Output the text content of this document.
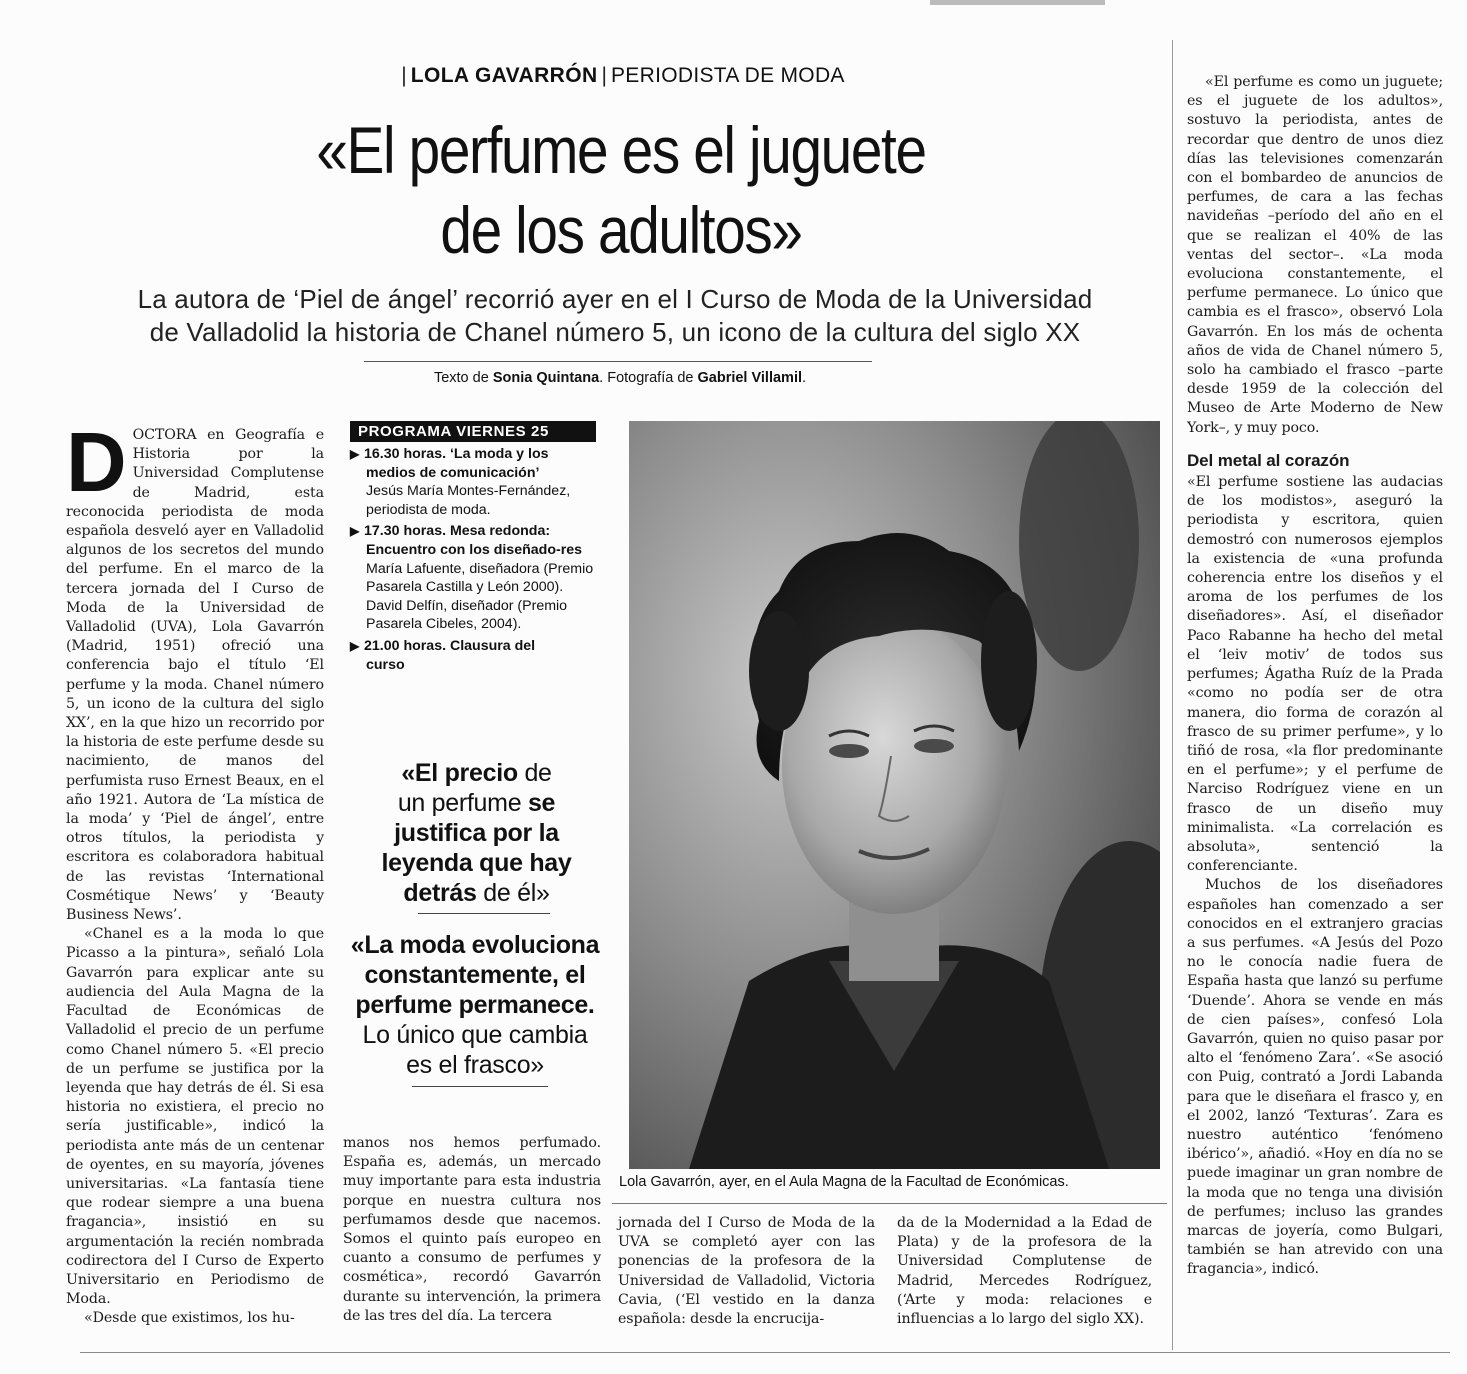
| LOLA GAVARRÓN | PERIODISTA DE MODA
«El perfume es el juguete
de los adultos»
La autora de ‘Piel de ángel’ recorrió ayer en el I Curso de Moda de la Universidad
de Valladolid la historia de Chanel número 5, un icono de la cultura del siglo XX
Texto de Sonia Quintana. Fotografía de Gabriel Villamil.
D OCTORA en Geografía e Historia por la Universidad Complutense de Madrid, esta reconocida periodista de moda española desveló ayer en Valladolid algunos de los secretos del mundo del perfume. En el marco de la tercera jornada del I Curso de Moda de la Universidad de Valladolid (UVA), Lola Gavarrón (Madrid, 1951) ofreció una conferencia bajo el título ‘El perfume y la moda. Chanel número 5, un icono de la cultura del siglo XX’, en la que hizo un recorrido por la historia de este perfume desde su nacimiento, de manos del perfumista ruso Ernest Beaux, en el año 1921. Autora de ‘La mística de la moda’ y ‘Piel de ángel’, entre otros títulos, la periodista y escritora es colaboradora habitual de las revistas ‘International Cosmétique News’ y ‘Beauty Business News’.

«Chanel es a la moda lo que Picasso a la pintura», señaló Lola Gavarrón para explicar ante su audiencia del Aula Magna de la Facultad de Económicas de Valladolid el precio de un perfume como Chanel número 5. «El precio de un perfume se justifica por la leyenda que hay detrás de él. Si esa historia no existiera, el precio no sería justificable», indicó la periodista ante más de un centenar de oyentes, en su mayoría, jóvenes universitarias. «La fantasía tiene que rodear siempre a una buena fragancia», insistió en su argumentación la recién nombrada codirectora del I Curso de Experto Universitario en Periodismo de Moda.

«Desde que existimos, los hu-

PROGRAMA VIERNES 25
▶ 16.30 horas. ‘La moda y los
medios de comunicación’
Jesús María Montes-Fernández, periodista de moda.
▶ 17.30 horas. Mesa redonda:
Encuentro con los diseñado-res
María Lafuente, diseñadora (Premio Pasarela Castilla y León 2000).
David Delfín, diseñador (Premio Pasarela Cibeles, 2004).
▶ 21.00 horas. Clausura del
curso
«El precio de
un perfume se
justifica por la
leyenda que hay
detrás de él»
«La moda evoluciona
constantemente, el
perfume permanece.
Lo único que cambia
es el frasco»
Lola Gavarrón, ayer, en el Aula Magna de la Facultad de Económicas.

manos nos hemos perfumado. España es, además, un mercado muy importante para esta industria porque en nuestra cultura nos perfumamos desde que nacemos. Somos el quinto país europeo en cuanto a consumo de perfumes y cosmética», recordó Gavarrón durante su intervención, la primera de las tres del día. La tercera

jornada del I Curso de Moda de la UVA se completó ayer con las ponencias de la profesora de la Universidad de Valladolid, Victoria Cavia, (‘El vestido en la danza española: desde la encrucija-

da de la Modernidad a la Edad de Plata) y de la profesora de la Universidad Complutense de Madrid, Mercedes Rodríguez, (‘Arte y moda: relaciones e influencias a lo largo del siglo XX).

«El perfume es como un juguete; es el juguete de los adultos», sostuvo la periodista, antes de recordar que dentro de unos diez días las televisiones comenzarán con el bombardeo de anuncios de perfumes, de cara a las fechas navideñas –período del año en el que se realizan el 40% de las ventas del sector–. «La moda evoluciona constantemente, el perfume permanece. Lo único que cambia es el frasco», observó Lola Gavarrón. En los más de ochenta años de vida de Chanel número 5, solo ha cambiado el frasco –parte desde 1959 de la colección del Museo de Arte Moderno de New York–, y muy poco.

Del metal al corazón

«El perfume sostiene las audacias de los modistos», aseguró la periodista y escritora, quien demostró con numerosos ejemplos la existencia de «una profunda coherencia entre los diseños y el aroma de los perfumes de los diseñadores». Así, el diseñador Paco Rabanne ha hecho del metal el ‘leiv motiv’ de todos sus perfumes; Ágatha Ruíz de la Prada «como no podía ser de otra manera, dio forma de corazón al frasco de su primer perfume», y lo tiñó de rosa, «la flor predominante en el perfume»; y el perfume de Narciso Rodríguez viene en un frasco de un diseño muy minimalista. «La correlación es absoluta», sentenció la conferenciante.

Muchos de los diseñadores españoles han comenzado a ser conocidos en el extranjero gracias a sus perfumes. «A Jesús del Pozo no le conocía nadie fuera de España hasta que lanzó su perfume ‘Duende’. Ahora se vende en más de cien países», confesó Lola Gavarrón, quien no quiso pasar por alto el ‘fenómeno Zara’. «Se asoció con Puig, contrató a Jordi Labanda para que le diseñara el frasco y, en el 2002, lanzó ‘Texturas’. Zara es nuestro auténtico ‘fenómeno ibérico’», añadió. «Hoy en día no se puede imaginar un gran nombre de la moda que no tenga una división de perfumes; incluso las grandes marcas de joyería, como Bulgari, también se han atrevido con una fragancia», indicó.
